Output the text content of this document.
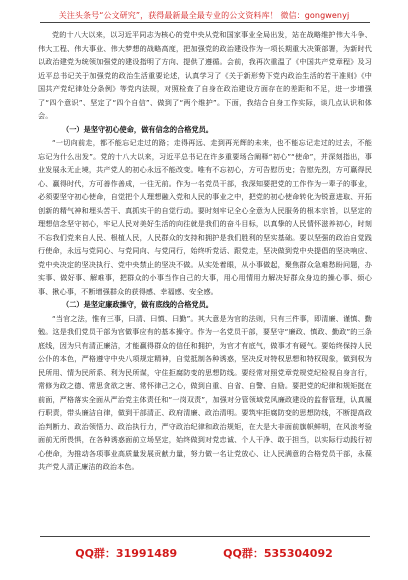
关注头条号“公文研究”，获得最新最全最专业的公文资料库！ 微信：gongwenyj

党的十八大以来，以习近平同志为核心的党中央从党和国家事业全局出发，站在战略维护伟大斗争、伟大工程、伟大事业、伟大梦想的战略高度，把加强党的政治建设作为一项长期重大决策部署，为新时代以政治建党为统领加强党的建设指明了方向、提供了遵循。会前，我再次重温了《中国共产党章程》及习近平总书记关于加强党的政治生活重要论述，认真学习了《关于新形势下党内政治生活的若干准则》《中国共产党纪律处分条例》等党内法规，对照检查了自身在政治建设方面存在的差距和不足，进一步增强了“四个意识”、坚定了“四个自信”、做到了“两个维护”。下面，我结合自身工作实际，谈几点认识和体会。

（一）是坚守初心使命，做有信念的合格党员。

“一切向前走，都不能忘记走过的路；走得再远、走到再光辉的未来，也不能忘记走过的过去，不能忘记为什么出发”。党的十八大以来，习近平总书记在许多重要场合阐释“初心”“使命”，并深刻指出，事业发展永无止境，共产党人的初心永远不能改变。唯有不忘初心，方可告慰历史；告慰先烈，方可赢得民心、赢得时代，方可善作善成，一往无前。作为一名党员干部，我深知要把党的工作作为一辈子的事业，必须要坚守初心使命，自觉把个人理想融入党和人民的事业之中，把党的初心使命转化为锐意进取、开拓创新的精气神和埋头苦干、真抓实干的自觉行动。要时刻牢记全心全意为人民服务的根本宗旨，以坚定的理想信念坚守初心，牢记人民对美好生活的向往就是我们的奋斗目标，以真挚的人民情怀滋养初心，时刻不忘我们党来自人民、根植人民，人民群众的支持和拥护是我们胜利的坚实基础。要以坚强的政治自觉践行使命，永远与党同心、与党同向、与党同行，始终听党话、跟党走，坚决做到党中央提倡的坚决响应、党中央决定的坚决执行、党中央禁止的坚决不做。从实处着眼，从小事做起，聚焦群众急难愁盼问题，办实事、做好事、解难事，把群众的小事当作自己的大事，用心用情用力解决好群众身边的操心事、烦心事、揪心事，不断增强群众的获得感、幸福感、安全感。

（二）是坚定廉政操守，做有底线的合格党员。

“当官之法，惟有三事，曰清、曰慎、曰勤”。其大意是为官的法则，只有三件事，即清廉、谨慎、勤勉。这是我们党员干部为官做事应有的基本操守。作为一名党员干部，要坚守“廉政、慎政、勤政”的三条底线，因为只有清正廉洁，才能赢得群众的信任和拥护，为官才有底气，做事才有硬气。要始终保持人民公仆的本色，严格遵守中央八项规定精神，自觉抵制各种诱惑，坚决反对特权思想和特权现象，做到权为民所用、情为民所系、利为民所谋，守住拒腐防变的思想防线。要经常对照党章党规党纪检视自身言行，常修为政之德、常思贪欲之害、常怀律己之心，做到自重、自省、自警、自励。要把党的纪律和规矩挺在前面，严格落实全面从严治党主体责任和“一岗双责”，加强对分管领域党风廉政建设的监督管理，认真履行职责，带头廉洁自律，做到干部清正、政府清廉、政治清明。要筑牢拒腐防变的思想防线，不断提高政治判断力、政治领悟力、政治执行力，严守政治纪律和政治规矩，在大是大非面前旗帜鲜明，在风浪考验面前无所畏惧，在各种诱惑面前立场坚定，始终做到对党忠诚、个人干净、敢于担当，以实际行动践行初心使命，为推动各项事业高质量发展贡献力量，努力做一名让党放心、让人民满意的合格党员干部，永葆共产党人清正廉洁的政治本色。

QQ群：31991489	QQ群：535304092
